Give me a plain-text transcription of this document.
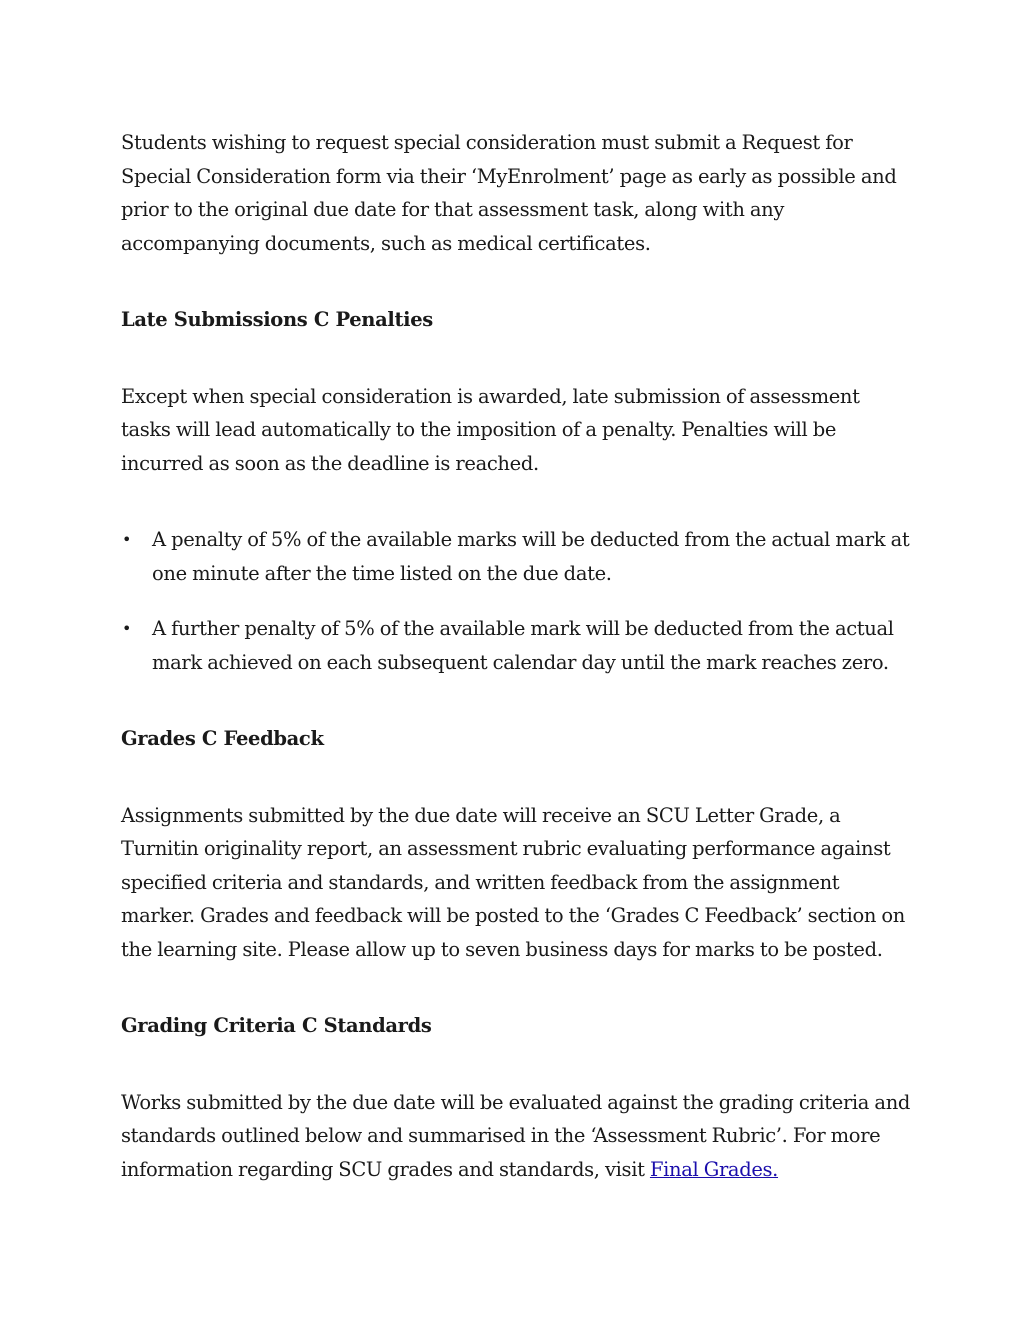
Students wishing to request special consideration must submit a Request for Special Consideration form via their ‘MyEnrolment’ page as early as possible and prior to the original due date for that assessment task, along with any accompanying documents, such as medical certificates.

Late Submissions C Penalties

Except when special consideration is awarded, late submission of assessment tasks will lead automatically to the imposition of a penalty. Penalties will be incurred as soon as the deadline is reached.

• A penalty of 5% of the available marks will be deducted from the actual mark at one minute after the time listed on the due date.
• A further penalty of 5% of the available mark will be deducted from the actual mark achieved on each subsequent calendar day until the mark reaches zero.

Grades C Feedback

Assignments submitted by the due date will receive an SCU Letter Grade, a Turnitin originality report, an assessment rubric evaluating performance against specified criteria and standards, and written feedback from the assignment marker. Grades and feedback will be posted to the ‘Grades C Feedback’ section on the learning site. Please allow up to seven business days for marks to be posted.

Grading Criteria C Standards

Works submitted by the due date will be evaluated against the grading criteria and standards outlined below and summarised in the ‘Assessment Rubric’. For more information regarding SCU grades and standards, visit Final Grades.
